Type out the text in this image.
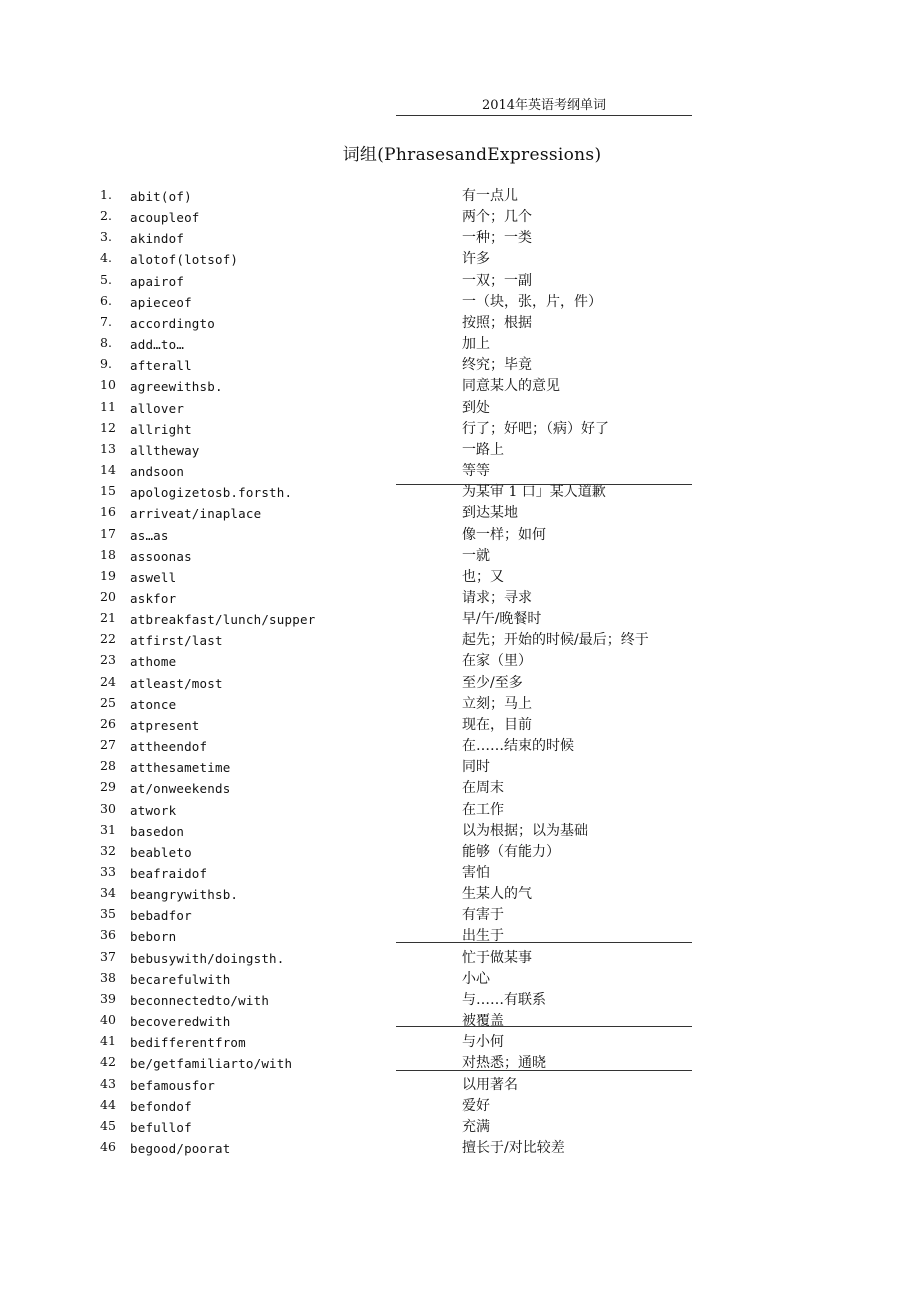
2014年英语考纲单词
词组(PhrasesandExpressions)
1. abit(of)	有一点儿
2. acoupleof	两个；几个
3. akindof	一种；一类
4. alotof(lotsof)	许多
5. apairof	一双；一副
6. apieceof	一（块，张，片，件）
7. accordingto	按照；根据
8. add…to…	加上
9. afterall	终究；毕竟
10 agreewithsb.	同意某人的意见
11 allover	到处
12 allright	行了；好吧；（病）好了
13 alltheway	一路上
14 andsoon	等等
15 apologizetosb.forsth.	为某审 1 口」某人道歉
16 arriveat/inaplace	到达某地
17 as…as	像一样；如何
18 assoonas	一就
19 aswell	也；又
20 askfor	请求；寻求
21 atbreakfast/lunch/supper	早/午/晚餐时
22 atfirst/last	起先；开始的时候/最后；终于
23 athome	在家（里）
24 atleast/most	至少/至多
25 atonce	立刻；马上
26 atpresent	现在，目前
27 attheendof	在……结束的时候
28 atthesametime	同时
29 at/onweekends	在周末
30 atwork	在工作
31 basedon	以为根据；以为基础
32 beableto	能够（有能力）
33 beafraidof	害怕
34 beangrywithsb.	生某人的气
35 bebadfor	有害于
36 beborn	出生于
37 bebusywith/doingsth.	忙于做某事
38 becarefulwith	小心
39 beconnectedto/with	与……有联系
40 becoveredwith	被覆盖
41 bedifferentfrom	与小何
42 be/getfamiliarto/with	对热悉；通晓
43 befamousfor	以用著名
44 befondof	爱好
45 befullof	充满
46 begood/poorat	擅长于/对比较差
